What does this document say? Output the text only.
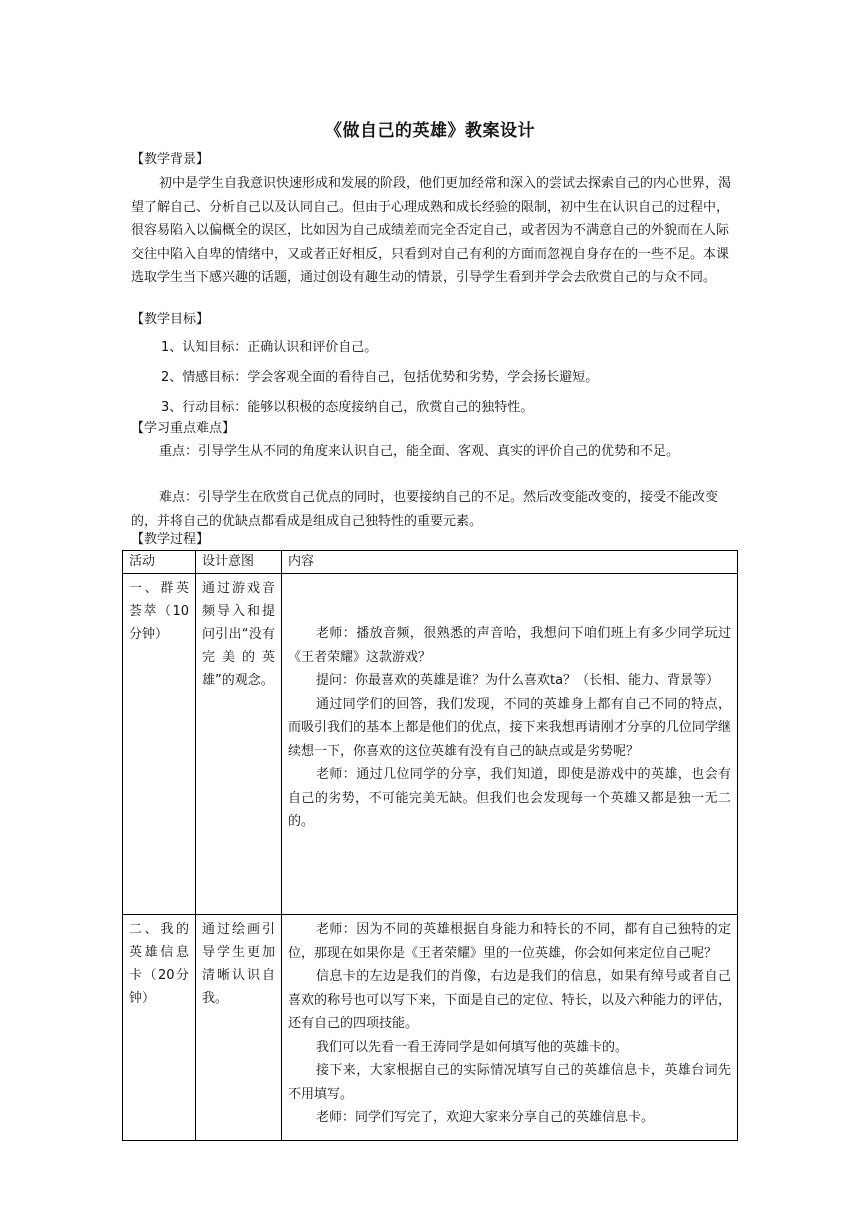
《做自己的英雄》教案设计
【教学背景】
初中是学生自我意识快速形成和发展的阶段，他们更加经常和深入的尝试去探索自己的内心世界，渴望了解自己、分析自己以及认同自己。但由于心理成熟和成长经验的限制，初中生在认识自己的过程中，很容易陷入以偏概全的误区，比如因为自己成绩差而完全否定自己，或者因为不满意自己的外貌而在人际交往中陷入自卑的情绪中，又或者正好相反，只看到对自己有利的方面而忽视自身存在的一些不足。本课选取学生当下感兴趣的话题，通过创设有趣生动的情景，引导学生看到并学会去欣赏自己的与众不同。
【教学目标】
1、认知目标：正确认识和评价自己。
2、情感目标：学会客观全面的看待自己，包括优势和劣势，学会扬长避短。
3、行动目标：能够以积极的态度接纳自己，欣赏自己的独特性。
【学习重点难点】
重点：引导学生从不同的角度来认识自己，能全面、客观、真实的评价自己的优势和不足。
难点：引导学生在欣赏自己优点的同时，也要接纳自己的不足。然后改变能改变的，接受不能改变的，并将自己的优缺点都看成是组成自己独特性的重要元素。
【教学过程】
活动	设计意图	内容
一、群英荟萃（10分钟）	通过游戏音频导入和提问引出“没有完美的英雄”的观念。	老师：播放音频，很熟悉的声音哈，我想问下咱们班上有多少同学玩过《王者荣耀》这款游戏？

提问：你最喜欢的英雄是谁？为什么喜欢ta？（长相、能力、背景等）

通过同学们的回答，我们发现，不同的英雄身上都有自己不同的特点，而吸引我们的基本上都是他们的优点，接下来我想再请刚才分享的几位同学继续想一下，你喜欢的这位英雄有没有自己的缺点或是劣势呢？

老师：通过几位同学的分享，我们知道，即使是游戏中的英雄，也会有自己的劣势，不可能完美无缺。但我们也会发现每一个英雄又都是独一无二的。

二、我的英雄信息卡（20分钟）	通过绘画引导学生更加清晰认识自我。	老师：因为不同的英雄根据自身能力和特长的不同，都有自己独特的定位，那现在如果你是《王者荣耀》里的一位英雄，你会如何来定位自己呢？

信息卡的左边是我们的肖像，右边是我们的信息，如果有绰号或者自己喜欢的称号也可以写下来，下面是自己的定位、特长，以及六种能力的评估，还有自己的四项技能。

我们可以先看一看王涛同学是如何填写他的英雄卡的。

接下来，大家根据自己的实际情况填写自己的英雄信息卡，英雄台词先不用填写。

老师：同学们写完了，欢迎大家来分享自己的英雄信息卡。
